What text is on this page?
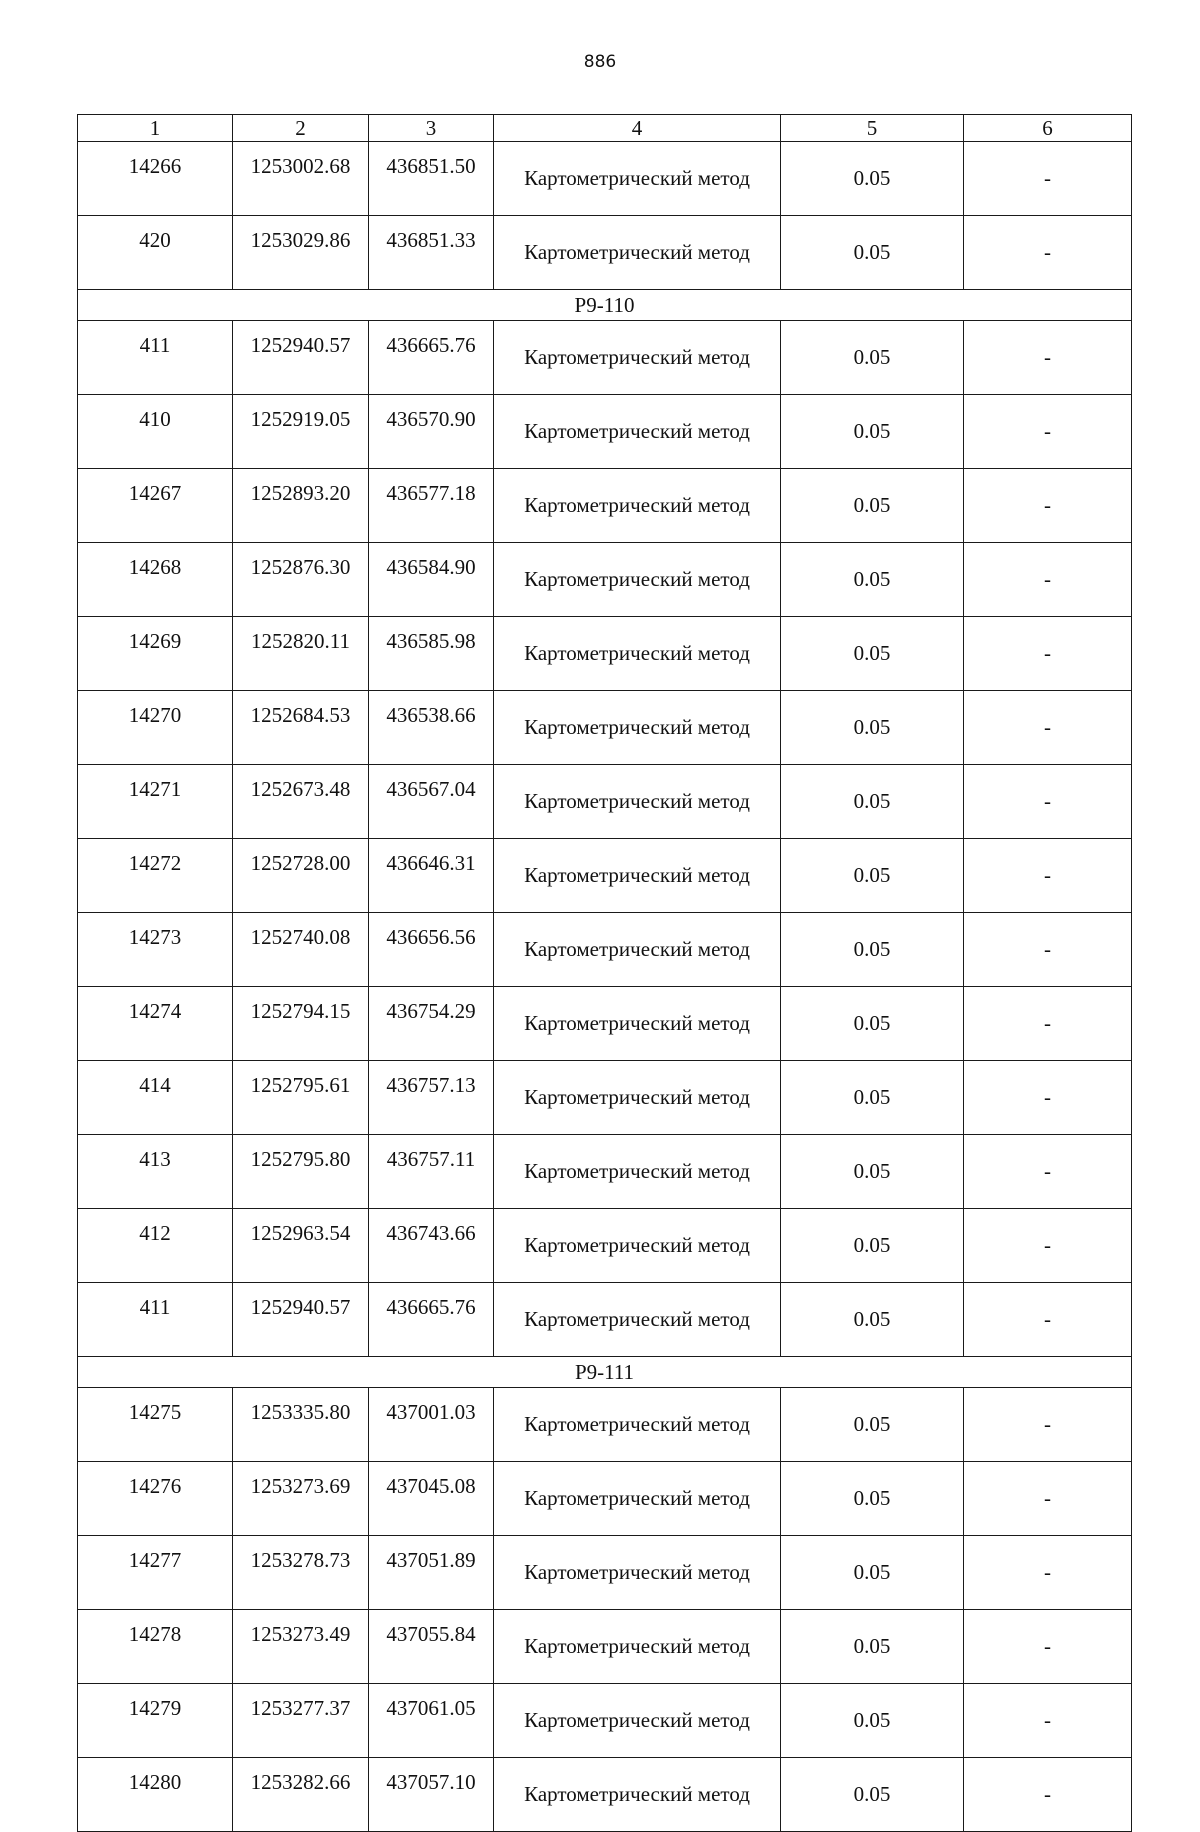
886
1	2	3	4	5	6
14266	1253002.68	436851.50	Картометрический метод	0.05	-
420	1253029.86	436851.33	Картометрический метод	0.05	-
Р9-110					
411	1252940.57	436665.76	Картометрический метод	0.05	-
410	1252919.05	436570.90	Картометрический метод	0.05	-
14267	1252893.20	436577.18	Картометрический метод	0.05	-
14268	1252876.30	436584.90	Картометрический метод	0.05	-
14269	1252820.11	436585.98	Картометрический метод	0.05	-
14270	1252684.53	436538.66	Картометрический метод	0.05	-
14271	1252673.48	436567.04	Картометрический метод	0.05	-
14272	1252728.00	436646.31	Картометрический метод	0.05	-
14273	1252740.08	436656.56	Картометрический метод	0.05	-
14274	1252794.15	436754.29	Картометрический метод	0.05	-
414	1252795.61	436757.13	Картометрический метод	0.05	-
413	1252795.80	436757.11	Картометрический метод	0.05	-
412	1252963.54	436743.66	Картометрический метод	0.05	-
411	1252940.57	436665.76	Картометрический метод	0.05	-
Р9-111					
14275	1253335.80	437001.03	Картометрический метод	0.05	-
14276	1253273.69	437045.08	Картометрический метод	0.05	-
14277	1253278.73	437051.89	Картометрический метод	0.05	-
14278	1253273.49	437055.84	Картометрический метод	0.05	-
14279	1253277.37	437061.05	Картометрический метод	0.05	-
14280	1253282.66	437057.10	Картометрический метод	0.05	-
